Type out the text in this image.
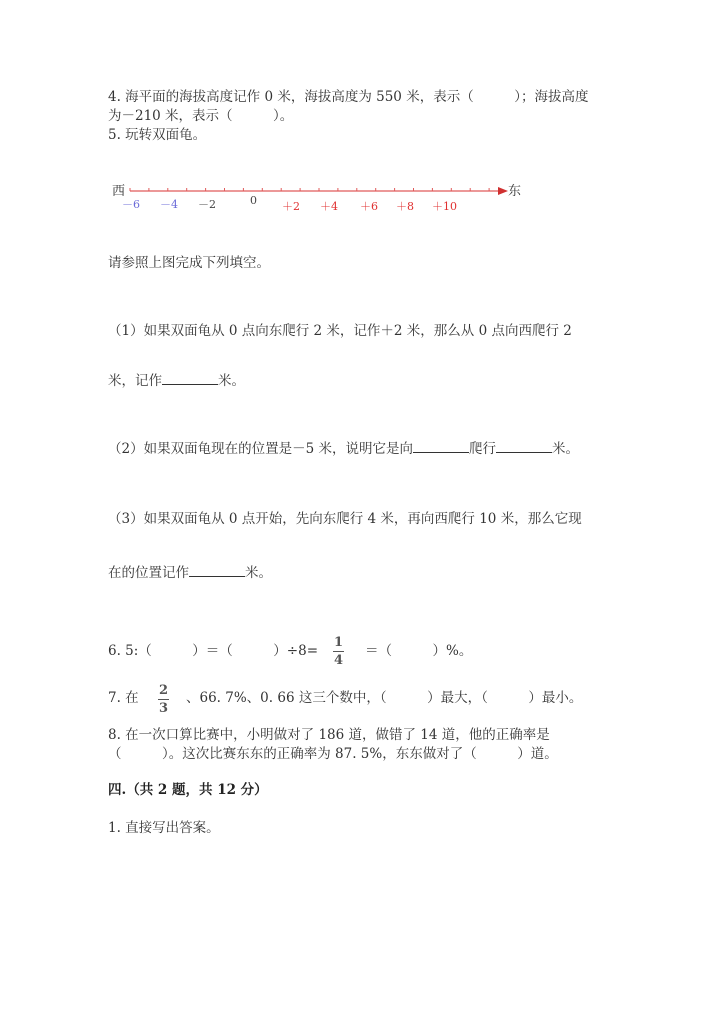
4. 海平面的海拔高度记作 0 米，海拔高度为 550 米，表示（　　　）；海拔高度
为－210 米，表示（　　　）。
5. 玩转双面龟。
西	东
－6 －4 －2	0 ＋2 ＋4 ＋6 ＋8 ＋10
请参照上图完成下列填空。
（1）如果双面龟从 0 点向东爬行 2 米，记作＋2 米，那么从 0 点向西爬行 2
米，记作	米。
（2）如果双面龟现在的位置是－5 米，说明它是向	爬行	米。
（3）如果双面龟从 0 点开始，先向东爬行 4 米，再向西爬行 10 米，那么它现
在的位置记作	米。
6. 5:（　　　）＝（　　　）$\div 8= \frac{1}{4}$ ＝（　　　）%。
7. 在 $\frac{2}{3}$ 、66. 7%、0. 66 这三个数中，（　　　）最大，（　　　）最小。
8. 在一次口算比赛中，小明做对了 186 道，做错了 14 道，他的正确率是
（　　　）。这次比赛东东的正确率为 87. 5%，东东做对了（　　　）道。
四.（共 2 题，共 12 分）
1. 直接写出答案。
